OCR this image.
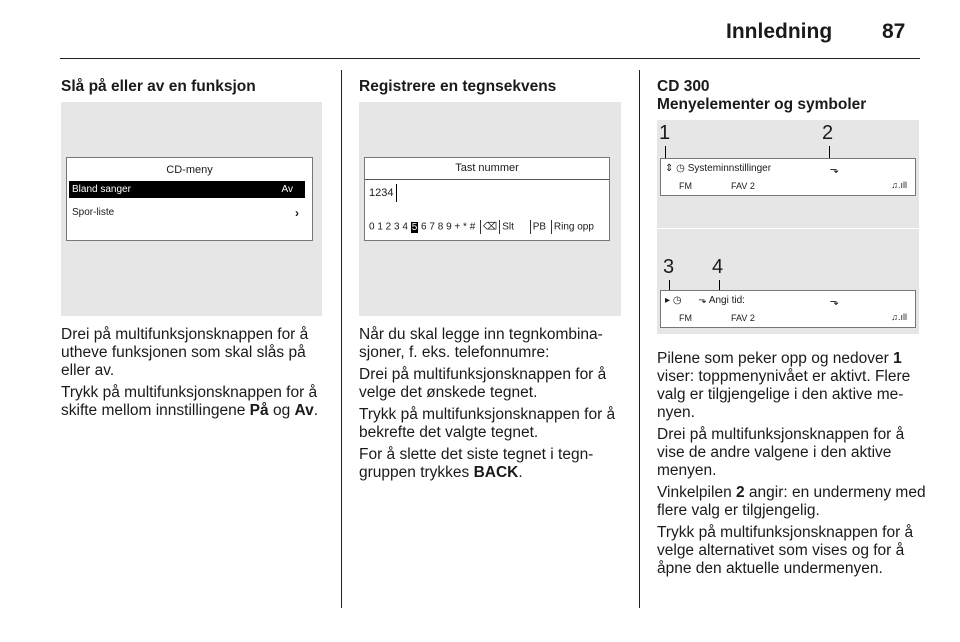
Innledning 87
Slå på eller av en funksjon
CD-meny
Bland sanger	Av
Spor-liste	›

Drei på multifunksjonsknappen for å utheve funksjonen som skal slås på eller av.

Trykk på multifunksjonsknappen for å skifte mellom innstillingene På og Av.

Registrere en tegnsekvens
Tast nummer
1234
0 1 2 3 4 5 6 7 8 9 + * # ⌫ Slt PB Ring opp

Når du skal legge inn tegnkombina-sjoner, f. eks. telefonnumre:

Drei på multifunksjonsknappen for å velge det ønskede tegnet.

Trykk på multifunksjonsknappen for å bekrefte det valgte tegnet.

For å slette det siste tegnet i tegn-gruppen trykkes BACK.

CD 300
Menyelementer og symboler
1	2
⇕ ◷ Systeminnstillinger	⬎
FM	FAV 2	♫.ıll
3 4
▸ ◷ ⬎ Angi tid:	⬎
FM	FAV 2	♫.ıll

Pilene som peker opp og nedover 1 viser: toppmenynivået er aktivt. Flere valg er tilgjengelige i den aktive me-nyen.

Drei på multifunksjonsknappen for å vise de andre valgene i den aktive menyen.

Vinkelpilen 2 angir: en undermeny med flere valg er tilgjengelig.

Trykk på multifunksjonsknappen for å velge alternativet som vises og for å åpne den aktuelle undermenyen.
